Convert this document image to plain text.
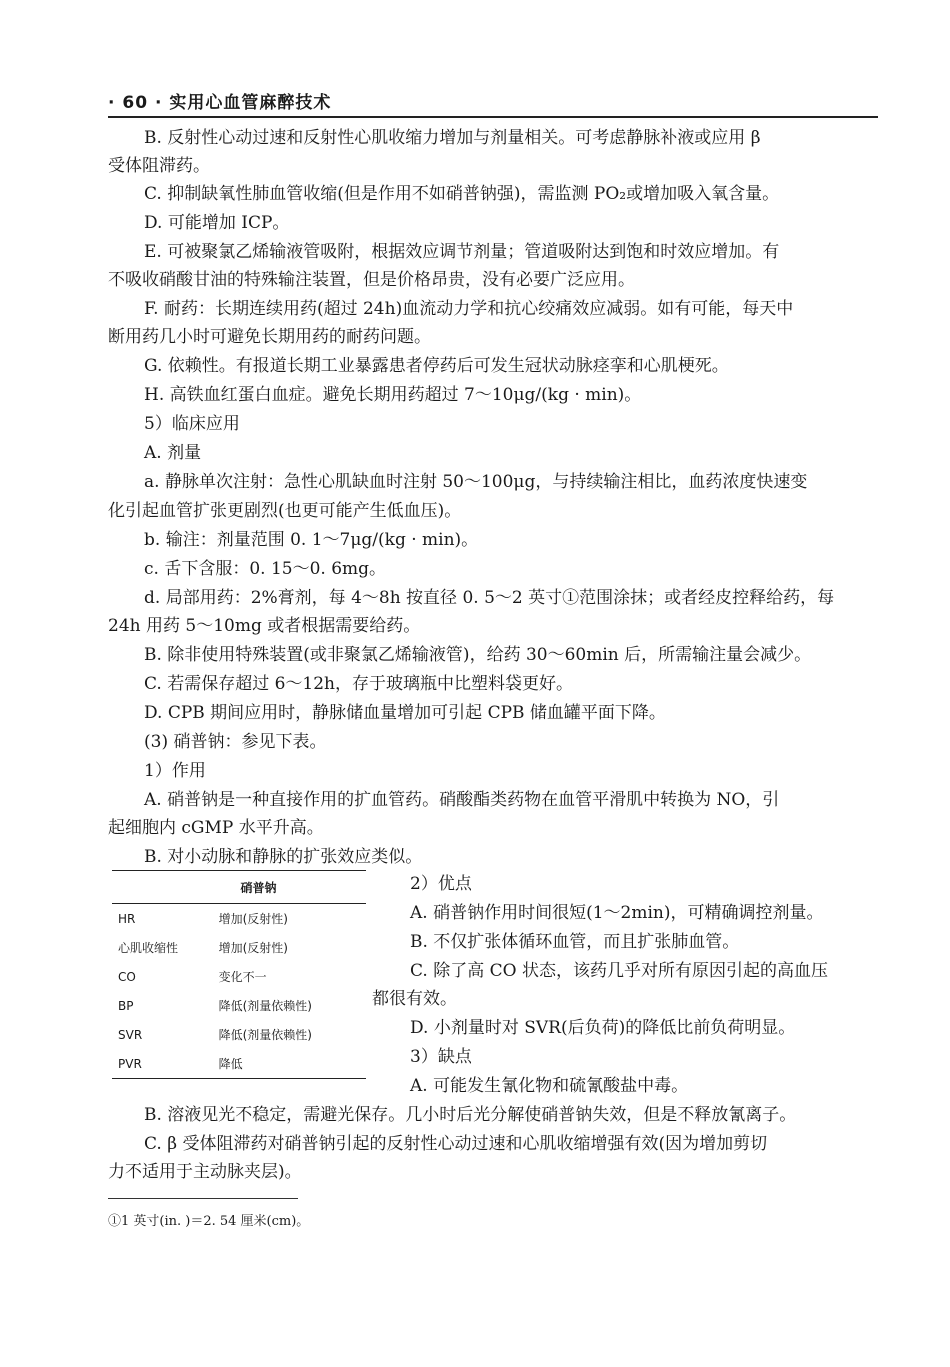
· 60 · 实用心血管麻醉技术

B. 反射性心动过速和反射性心肌收缩力增加与剂量相关。可考虑静脉补液或应用 β

受体阻滞药。

C. 抑制缺氧性肺血管收缩(但是作用不如硝普钠强)，需监测 PO₂或增加吸入氧含量。

D. 可能增加 ICP。

E. 可被聚氯乙烯输液管吸附，根据效应调节剂量；管道吸附达到饱和时效应增加。有

不吸收硝酸甘油的特殊输注装置，但是价格昂贵，没有必要广泛应用。

F. 耐药：长期连续用药(超过 24h)血流动力学和抗心绞痛效应减弱。如有可能，每天中

断用药几小时可避免长期用药的耐药问题。

G. 依赖性。有报道长期工业暴露患者停药后可发生冠状动脉痉挛和心肌梗死。

H. 高铁血红蛋白血症。避免长期用药超过 7～10μg/(kg · min)。

5）临床应用

A. 剂量

a. 静脉单次注射：急性心肌缺血时注射 50～100μg，与持续输注相比，血药浓度快速变

化引起血管扩张更剧烈(也更可能产生低血压)。

b. 输注：剂量范围 0. 1～7μg/(kg · min)。

c. 舌下含服：0. 15～0. 6mg。

d. 局部用药：2%膏剂，每 4～8h 按直径 0. 5～2 英寸①范围涂抹；或者经皮控释给药，每

24h 用药 5～10mg 或者根据需要给药。

B. 除非使用特殊装置(或非聚氯乙烯输液管)，给药 30～60min 后，所需输注量会减少。

C. 若需保存超过 6～12h，存于玻璃瓶中比塑料袋更好。

D. CPB 期间应用时，静脉储血量增加可引起 CPB 储血罐平面下降。

(3) 硝普钠：参见下表。

1）作用

A. 硝普钠是一种直接作用的扩血管药。硝酸酯类药物在血管平滑肌中转换为 NO，引

起细胞内 cGMP 水平升高。

B. 对小动脉和静脉的扩张效应类似。

硝普钠	
HR	增加(反射性)
心肌收缩性	增加(反射性)
CO	变化不一
BP	降低(剂量依赖性)
SVR	降低(剂量依赖性)
PVR	降低

2）优点

A. 硝普钠作用时间很短(1～2min)，可精确调控剂量。

B. 不仅扩张体循环血管，而且扩张肺血管。

C. 除了高 CO 状态，该药几乎对所有原因引起的高血压

都很有效。

D. 小剂量时对 SVR(后负荷)的降低比前负荷明显。

3）缺点

A. 可能发生氰化物和硫氰酸盐中毒。

B. 溶液见光不稳定，需避光保存。几小时后光分解使硝普钠失效，但是不释放氰离子。

C. β 受体阻滞药对硝普钠引起的反射性心动过速和心肌收缩增强有效(因为增加剪切

力不适用于主动脉夹层)。

①1 英寸(in. )＝2. 54 厘米(cm)。
